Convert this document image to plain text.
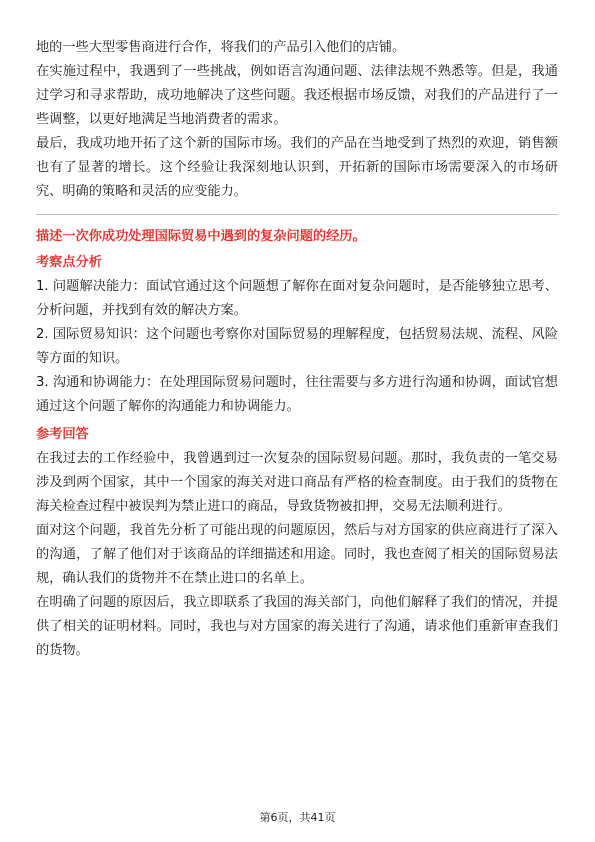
地的一些大型零售商进行合作，将我们的产品引入他们的店铺。

在实施过程中，我遇到了一些挑战，例如语言沟通问题、法律法规不熟悉等。但是，我通过学习和寻求帮助，成功地解决了这些问题。我还根据市场反馈，对我们的产品进行了一些调整，以更好地满足当地消费者的需求。

最后，我成功地开拓了这个新的国际市场。我们的产品在当地受到了热烈的欢迎，销售额也有了显著的增长。这个经验让我深刻地认识到，开拓新的国际市场需要深入的市场研究、明确的策略和灵活的应变能力。

描述一次你成功处理国际贸易中遇到的复杂问题的经历。

考察点分析

1. 问题解决能力：面试官通过这个问题想了解你在面对复杂问题时，是否能够独立思考、分析问题，并找到有效的解决方案。

2. 国际贸易知识：这个问题也考察你对国际贸易的理解程度，包括贸易法规、流程、风险等方面的知识。

3. 沟通和协调能力：在处理国际贸易问题时，往往需要与多方进行沟通和协调，面试官想通过这个问题了解你的沟通能力和协调能力。

参考回答

在我过去的工作经验中，我曾遇到过一次复杂的国际贸易问题。那时，我负责的一笔交易涉及到两个国家，其中一个国家的海关对进口商品有严格的检查制度。由于我们的货物在海关检查过程中被误判为禁止进口的商品，导致货物被扣押，交易无法顺利进行。

面对这个问题，我首先分析了可能出现的问题原因，然后与对方国家的供应商进行了深入的沟通，了解了他们对于该商品的详细描述和用途。同时，我也查阅了相关的国际贸易法规，确认我们的货物并不在禁止进口的名单上。

在明确了问题的原因后，我立即联系了我国的海关部门，向他们解释了我们的情况，并提供了相关的证明材料。同时，我也与对方国家的海关进行了沟通，请求他们重新审查我们的货物。

第6页，共41页
